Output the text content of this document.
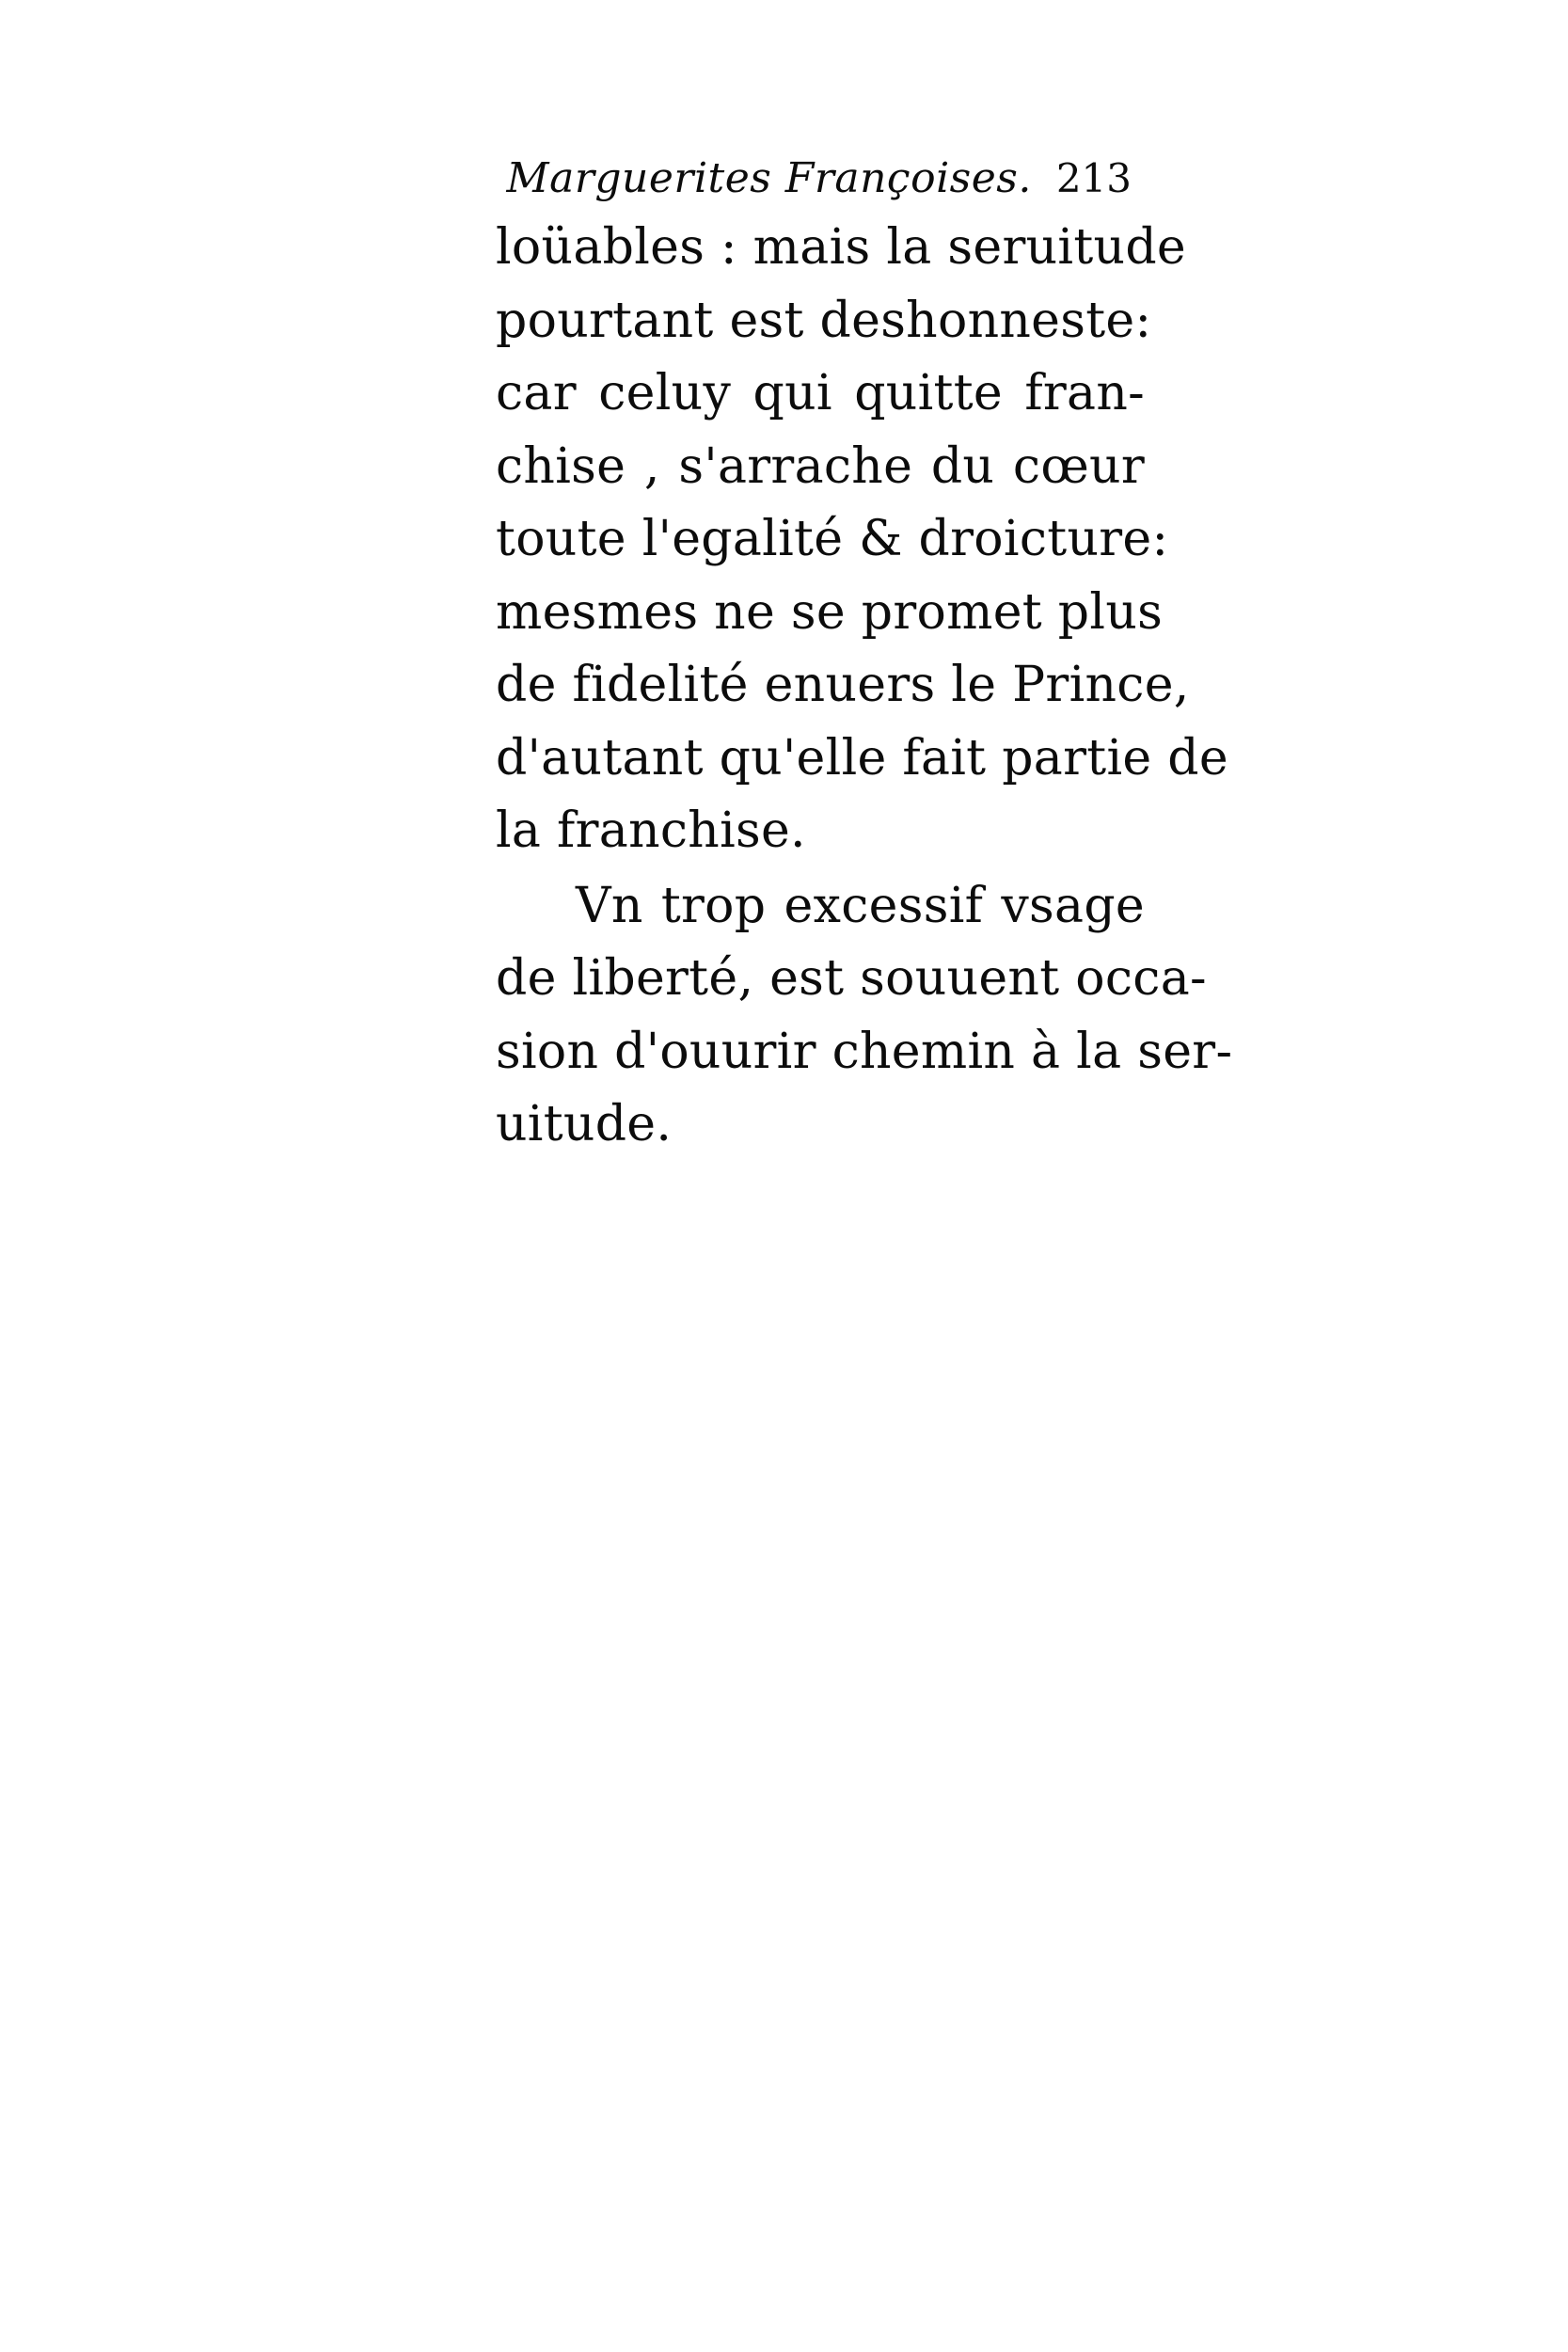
Marguerites Françoises. 213
loüables : mais la seruitude
pourtant est deshonneste:
car celuy qui quitte fran-
chise , s'arrache du cœur
toute l'egalité & droicture:
mesmes ne se promet plus
de fidelité enuers le Prince,
d'autant qu'elle fait partie de
la franchise.
Vn trop excessif vsage
de liberté, est souuent occa-
sion d'ouurir chemin à la ser-
uitude.
